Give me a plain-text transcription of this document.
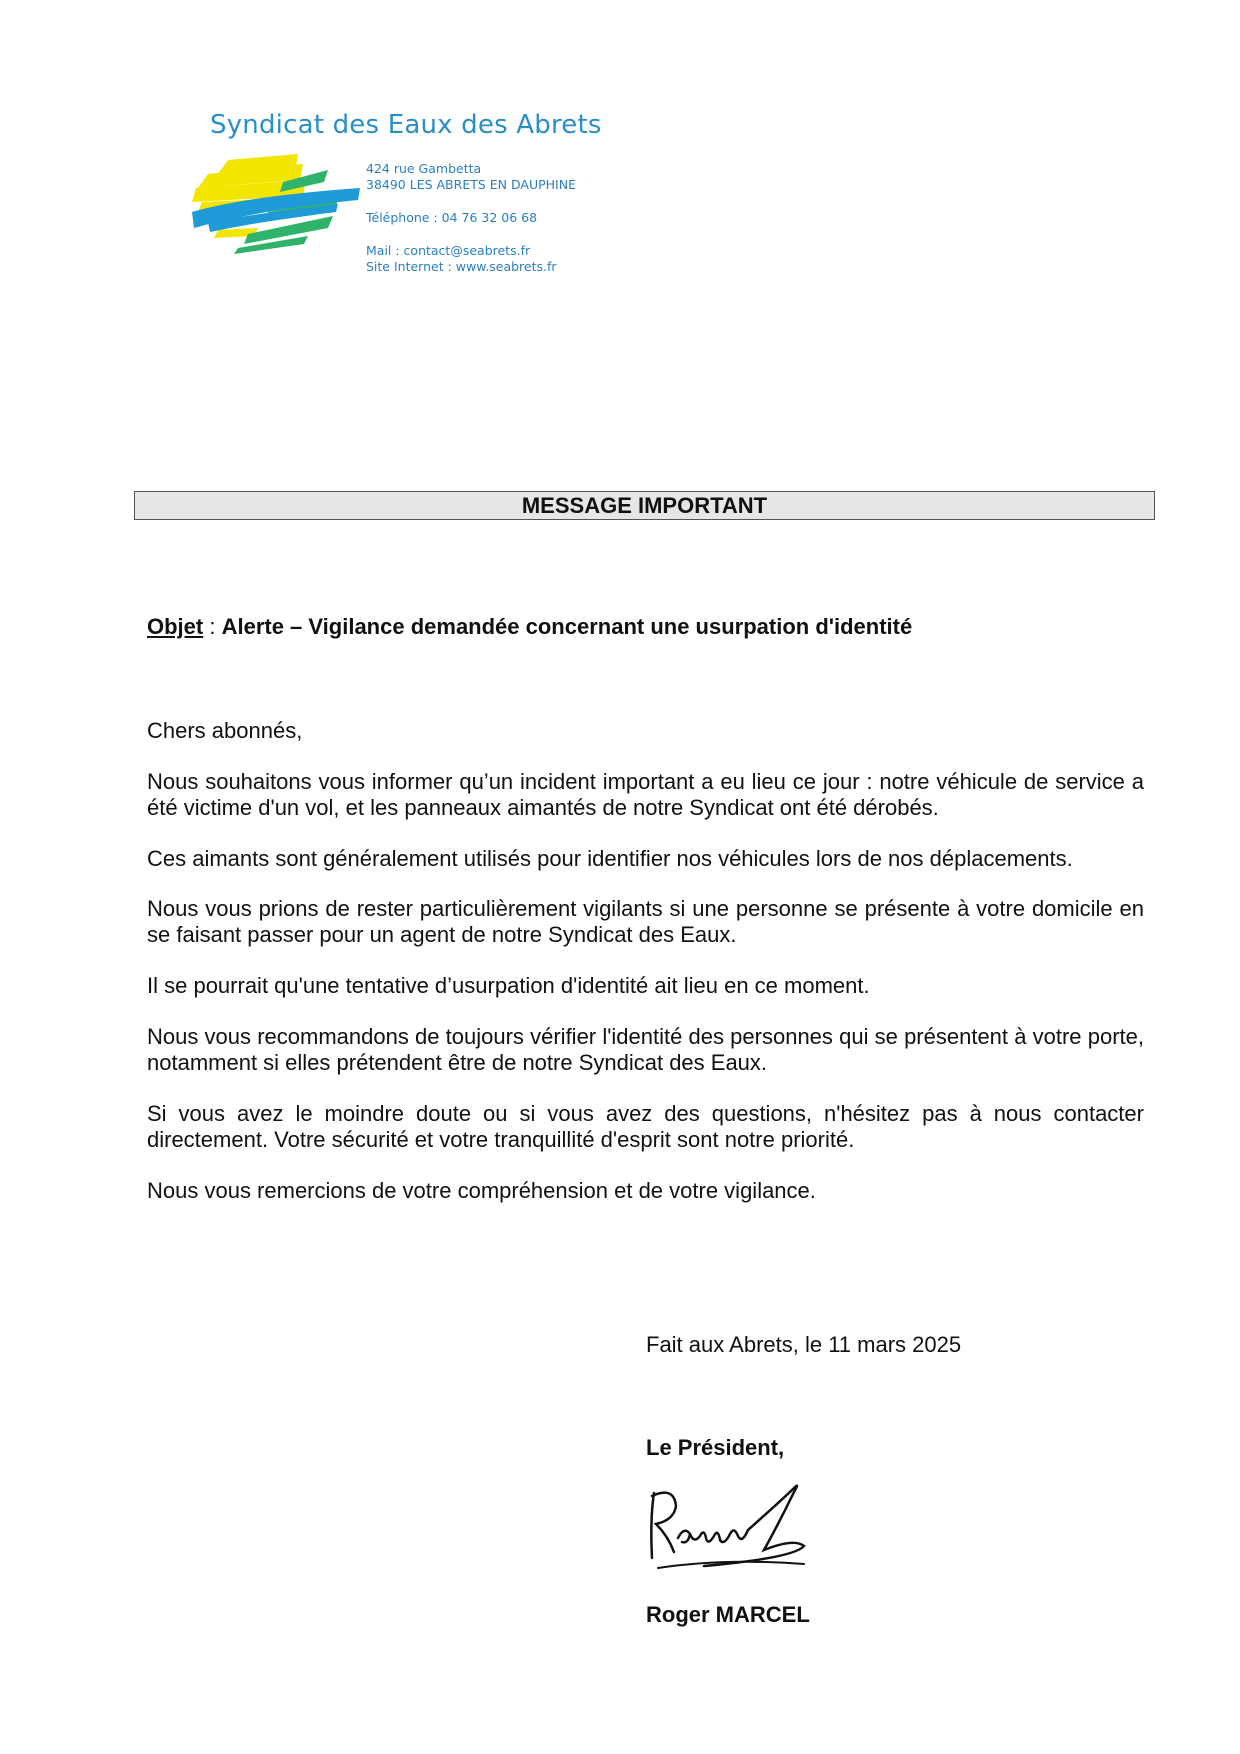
Syndicat des Eaux des Abrets
424 rue Gambetta
38490 LES ABRETS EN DAUPHINE
Téléphone : 04 76 32 06 68
Mail : contact@seabrets.fr
Site Internet : www.seabrets.fr
MESSAGE IMPORTANT
Objet : Alerte – Vigilance demandée concernant une usurpation d'identité
Chers abonnés,
Nous souhaitons vous informer qu’un incident important a eu lieu ce jour : notre véhicule de service a été victime d'un vol, et les panneaux aimantés de notre Syndicat ont été dérobés.
Ces aimants sont généralement utilisés pour identifier nos véhicules lors de nos déplacements.
Nous vous prions de rester particulièrement vigilants si une personne se présente à votre domicile en se faisant passer pour un agent de notre Syndicat des Eaux.
Il se pourrait qu'une tentative d’usurpation d'identité ait lieu en ce moment.
Nous vous recommandons de toujours vérifier l'identité des personnes qui se présentent à votre porte, notamment si elles prétendent être de notre Syndicat des Eaux.
Si vous avez le moindre doute ou si vous avez des questions, n'hésitez pas à nous contacter directement. Votre sécurité et votre tranquillité d'esprit sont notre priorité.
Nous vous remercions de votre compréhension et de votre vigilance.
Fait aux Abrets, le 11 mars 2025
Le Président,
Roger MARCEL
